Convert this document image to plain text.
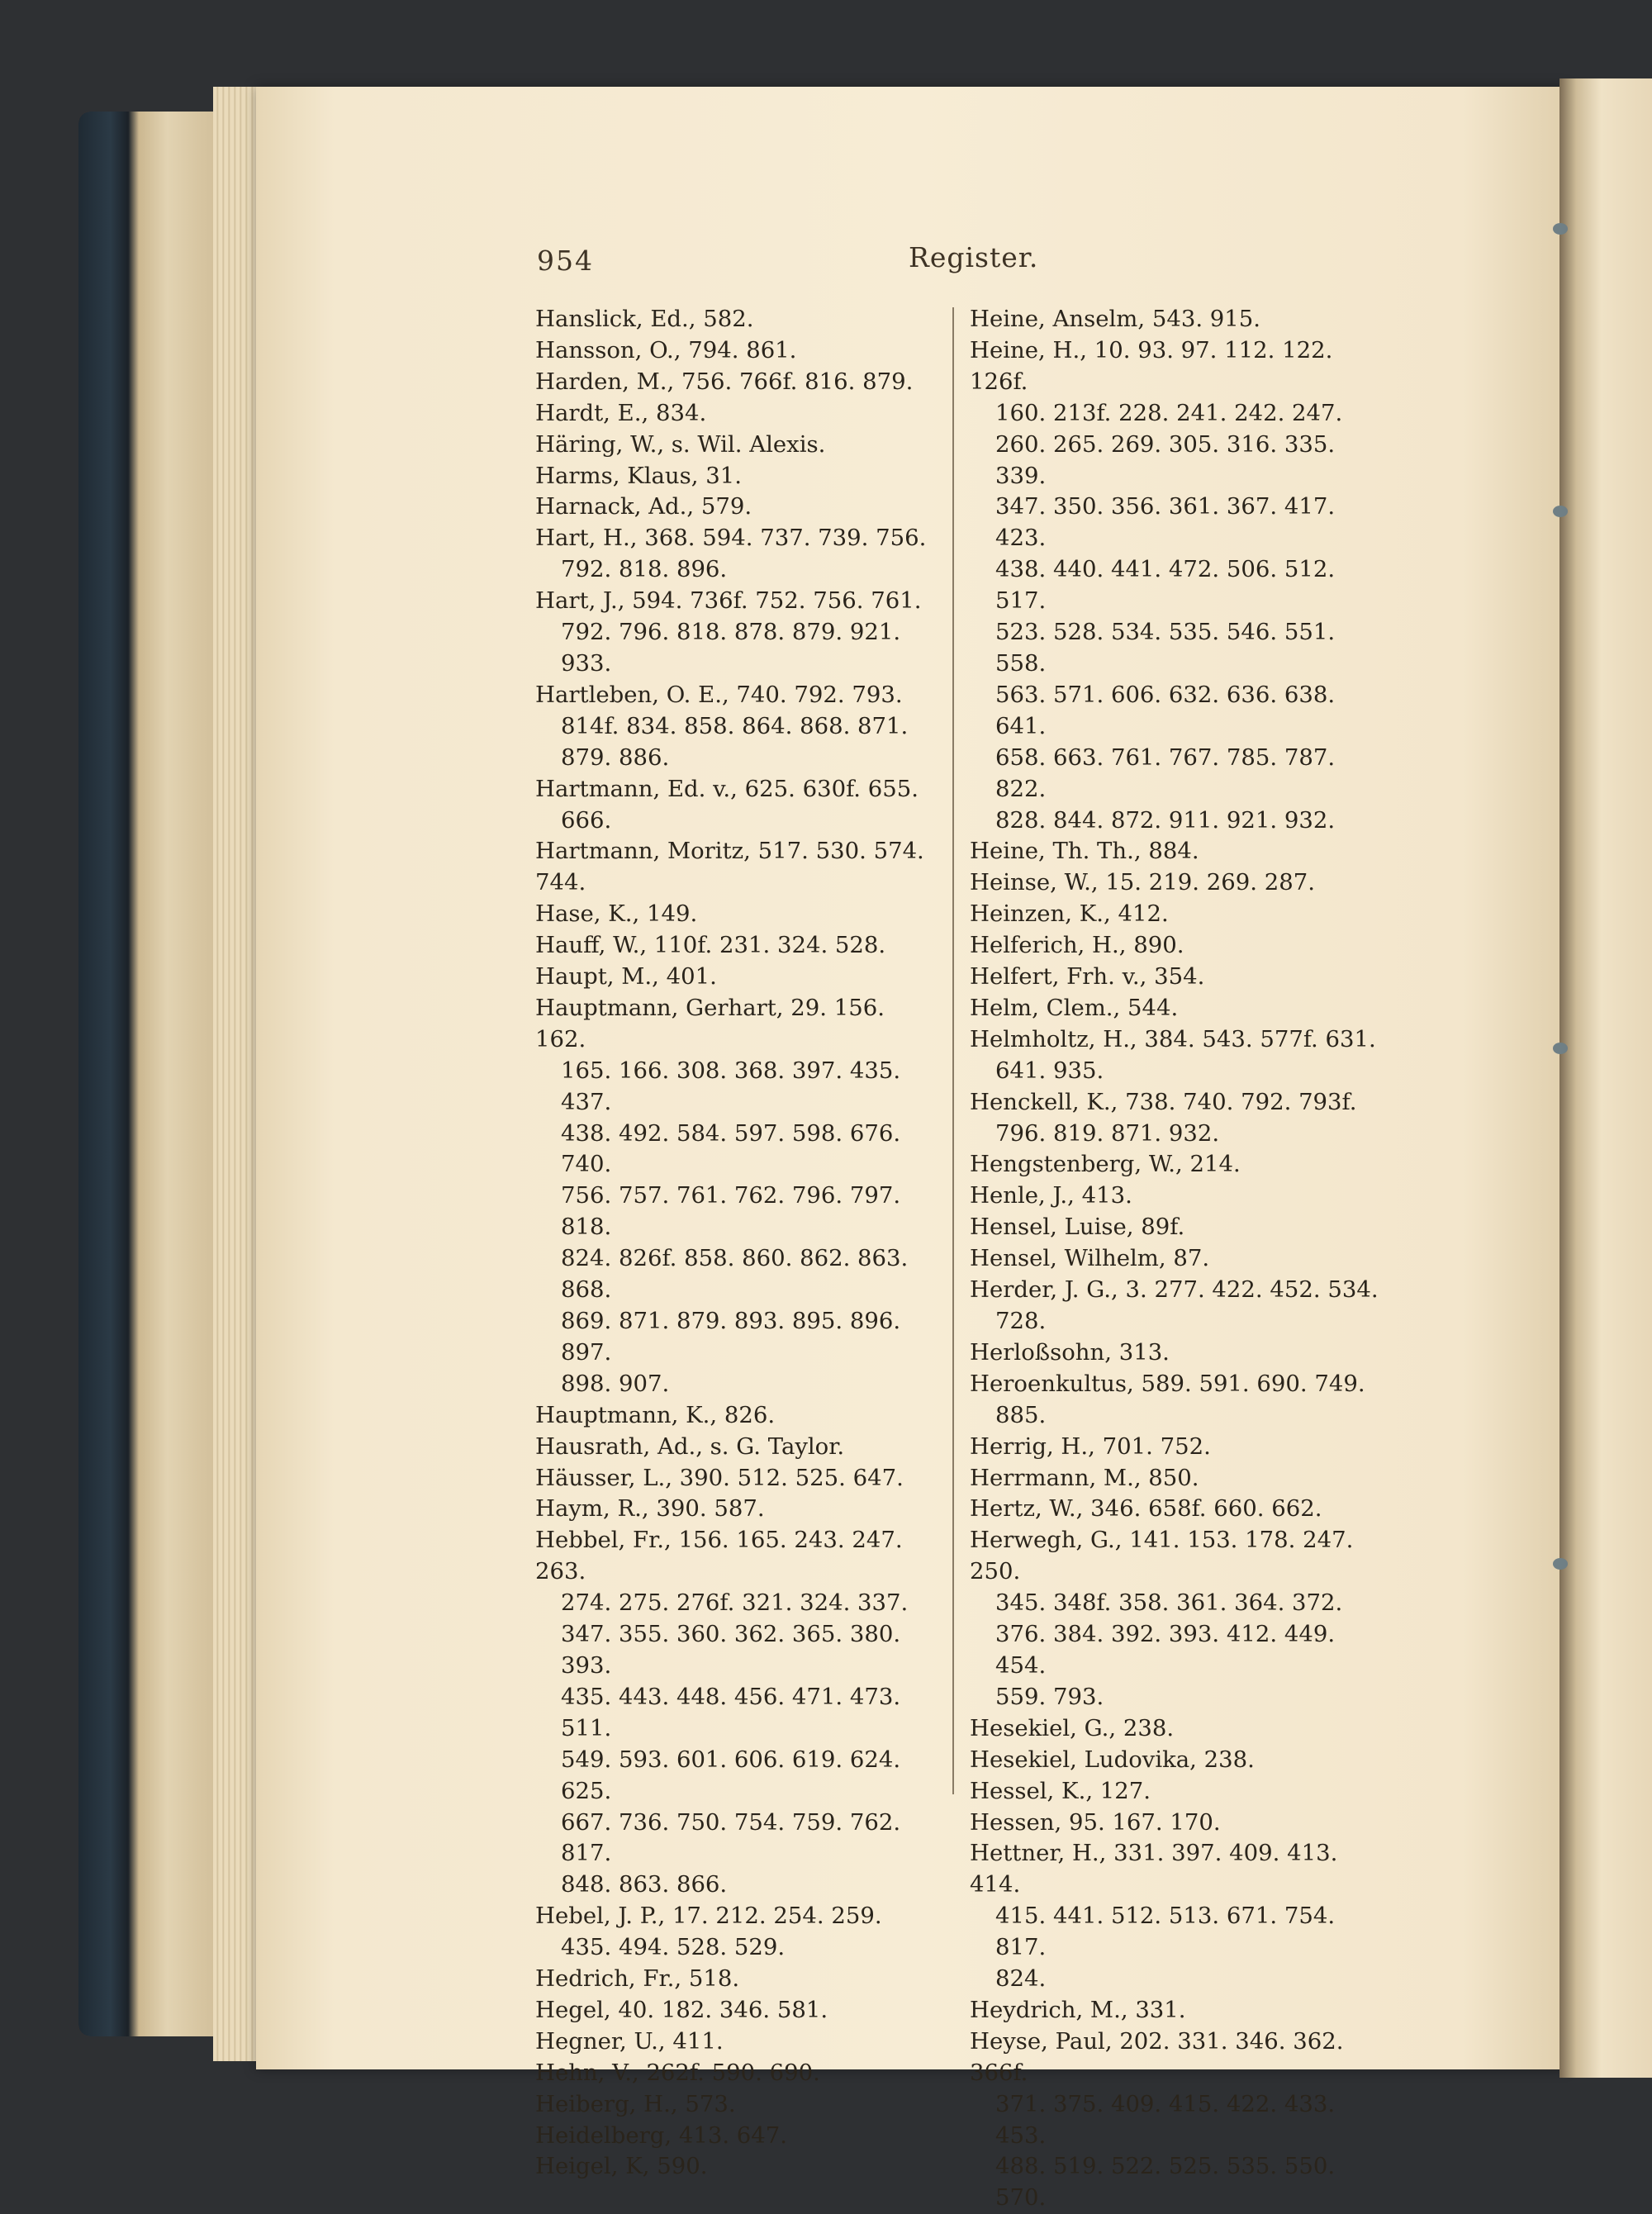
954	Register.
Hanslick, Ed., 582.
Hansson, O., 794. 861.
Harden, M., 756. 766f. 816. 879.
Hardt, E., 834.
Häring, W., s. Wil. Alexis.
Harms, Klaus, 31.
Harnack, Ad., 579.
Hart, H., 368. 594. 737. 739. 756.
792. 818. 896.
Hart, J., 594. 736f. 752. 756. 761.
792. 796. 818. 878. 879. 921. 933.
Hartleben, O. E., 740. 792. 793.
814f. 834. 858. 864. 868. 871.
879. 886.
Hartmann, Ed. v., 625. 630f. 655.
666.
Hartmann, Moritz, 517. 530. 574. 744.
Hase, K., 149.
Hauff, W., 110f. 231. 324. 528.
Haupt, M., 401.
Hauptmann, Gerhart, 29. 156. 162.
165. 166. 308. 368. 397. 435. 437.
438. 492. 584. 597. 598. 676. 740.
756. 757. 761. 762. 796. 797. 818.
824. 826f. 858. 860. 862. 863. 868.
869. 871. 879. 893. 895. 896. 897.
898. 907.
Hauptmann, K., 826.
Hausrath, Ad., s. G. Taylor.
Häusser, L., 390. 512. 525. 647.
Haym, R., 390. 587.
Hebbel, Fr., 156. 165. 243. 247. 263.
274. 275. 276f. 321. 324. 337.
347. 355. 360. 362. 365. 380. 393.
435. 443. 448. 456. 471. 473. 511.
549. 593. 601. 606. 619. 624. 625.
667. 736. 750. 754. 759. 762. 817.
848. 863. 866.
Hebel, J. P., 17. 212. 254. 259.
435. 494. 528. 529.
Hedrich, Fr., 518.
Hegel, 40. 182. 346. 581.
Hegner, U., 411.
Hehn, V., 262f. 590. 690.
Heiberg, H., 573.
Heidelberg, 413. 647.
Heigel, K, 590.
Heine, Anselm, 543. 915.
Heine, H., 10. 93. 97. 112. 122. 126f.
160. 213f. 228. 241. 242. 247.
260. 265. 269. 305. 316. 335. 339.
347. 350. 356. 361. 367. 417. 423.
438. 440. 441. 472. 506. 512. 517.
523. 528. 534. 535. 546. 551. 558.
563. 571. 606. 632. 636. 638. 641.
658. 663. 761. 767. 785. 787. 822.
828. 844. 872. 911. 921. 932.
Heine, Th. Th., 884.
Heinse, W., 15. 219. 269. 287.
Heinzen, K., 412.
Helferich, H., 890.
Helfert, Frh. v., 354.
Helm, Clem., 544.
Helmholtz, H., 384. 543. 577f. 631.
641. 935.
Henckell, K., 738. 740. 792. 793f.
796. 819. 871. 932.
Hengstenberg, W., 214.
Henle, J., 413.
Hensel, Luise, 89f.
Hensel, Wilhelm, 87.
Herder, J. G., 3. 277. 422. 452. 534.
728.
Herloßsohn, 313.
Heroenkultus, 589. 591. 690. 749.
885.
Herrig, H., 701. 752.
Herrmann, M., 850.
Hertz, W., 346. 658f. 660. 662.
Herwegh, G., 141. 153. 178. 247. 250.
345. 348f. 358. 361. 364. 372.
376. 384. 392. 393. 412. 449. 454.
559. 793.
Hesekiel, G., 238.
Hesekiel, Ludovika, 238.
Hessel, K., 127.
Hessen, 95. 167. 170.
Hettner, H., 331. 397. 409. 413. 414.
415. 441. 512. 513. 671. 754. 817.
824.
Heydrich, M., 331.
Heyse, Paul, 202. 331. 346. 362. 366f.
371. 375. 409. 415. 422. 433. 453.
488. 519. 522. 525. 535. 550. 570.
